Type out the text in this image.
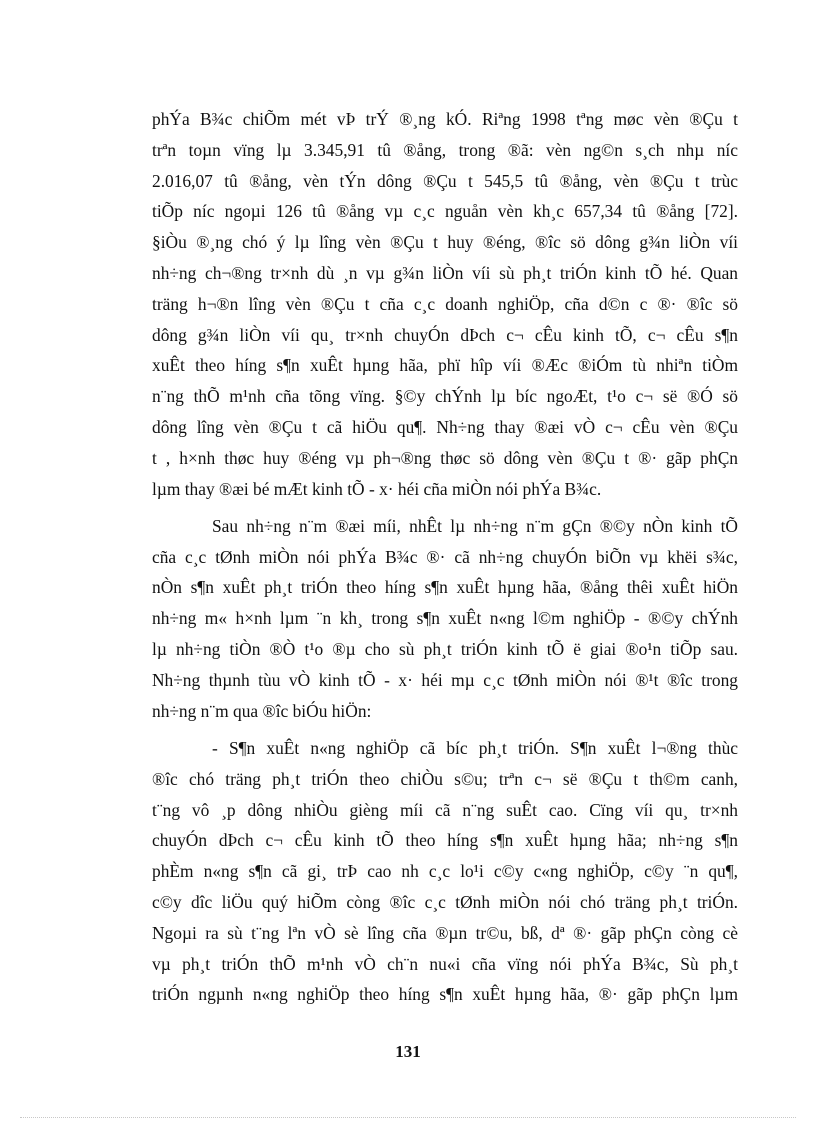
phÝa B¾c chiÕm mét vÞ trÝ ®¸ng kÓ. Riªng 1998 tªng møc vèn ®Çu t
trªn toµn vïng lµ 3.345,91 tû ®ång, trong ®ã: vèn ng©n s¸ch nhµ níc
2.016,07 tû ®ång, vèn tÝn dông ®Çu t 545,5 tû ®ång, vèn ®Çu t trùc
tiÕp níc ngoµi 126 tû ®ång vµ c¸c nguån vèn kh¸c 657,34 tû ®ång [72].
§iÒu ®¸ng chó ý lµ lîng vèn ®Çu t huy ®éng, ®îc sö dông g¾n liÒn víi
nh÷ng ch¬®ng tr×nh dù ¸n vµ g¾n liÒn víi sù ph¸t triÓn kinh tÕ hé. Quan
träng h¬®n lîng vèn ®Çu t cña c¸c doanh nghiÖp, cña d©n c ®· ®îc sö
dông g¾n liÒn víi qu¸ tr×nh chuyÓn dÞch c¬ cÊu kinh tÕ, c¬ cÊu s¶n
xuÊt theo híng s¶n xuÊt hµng hãa, phï hîp víi ®Æc ®iÓm tù nhiªn tiÒm
n¨ng thÕ m¹nh cña tõng vïng. §©y chÝnh lµ bíc ngoÆt, t¹o c¬ së ®Ó sö
dông lîng vèn ®Çu t cã hiÖu qu¶. Nh÷ng thay ®æi vÒ c¬ cÊu vèn ®Çu
t , h×nh thøc huy ®éng vµ ph¬®ng thøc sö dông vèn ®Çu t ®· gãp phÇn
lµm thay ®æi bé mÆt kinh tÕ - x· héi cña miÒn nói phÝa B¾c.
Sau nh÷ng n¨m ®æi míi, nhÊt lµ nh÷ng n¨m gÇn ®©y nÒn kinh tÕ
cña c¸c tØnh miÒn nói phÝa B¾c ®· cã nh÷ng chuyÓn biÕn vµ khëi s¾c,
nÒn s¶n xuÊt ph¸t triÓn theo híng s¶n xuÊt hµng hãa, ®ång thêi xuÊt hiÖn
nh÷ng m« h×nh lµm ¨n kh¸ trong s¶n xuÊt n«ng l©m nghiÖp - ®©y chÝnh
lµ nh÷ng tiÒn ®Ò t¹o ®µ cho sù ph¸t triÓn kinh tÕ ë giai ®o¹n tiÕp sau.
Nh÷ng thµnh tùu vÒ kinh tÕ - x· héi mµ c¸c tØnh miÒn nói ®¹t ®îc trong
nh÷ng n¨m qua ®îc biÓu hiÖn:
- S¶n xuÊt n«ng nghiÖp cã bíc ph¸t triÓn. S¶n xuÊt l¬®ng thùc
®îc chó träng ph¸t triÓn theo chiÒu s©u; trªn c¬ së ®Çu t th©m canh,
t¨ng vô ¸p dông nhiÒu gièng míi cã n¨ng suÊt cao. Cïng víi qu¸ tr×nh
chuyÓn dÞch c¬ cÊu kinh tÕ theo híng s¶n xuÊt hµng hãa; nh÷ng s¶n
phÈm n«ng s¶n cã gi¸ trÞ cao nh c¸c lo¹i c©y c«ng nghiÖp, c©y ¨n qu¶,
c©y dîc liÖu quý hiÕm còng ®îc c¸c tØnh miÒn nói chó träng ph¸t triÓn.
Ngoµi ra sù t¨ng lªn vÒ sè lîng cña ®µn tr©u, bß, dª ®· gãp phÇn còng cè
vµ ph¸t triÓn thÕ m¹nh vÒ ch¨n nu«i cña vïng nói phÝa B¾c, Sù ph¸t
triÓn ngµnh n«ng nghiÖp theo híng s¶n xuÊt hµng hãa, ®· gãp phÇn lµm
131
